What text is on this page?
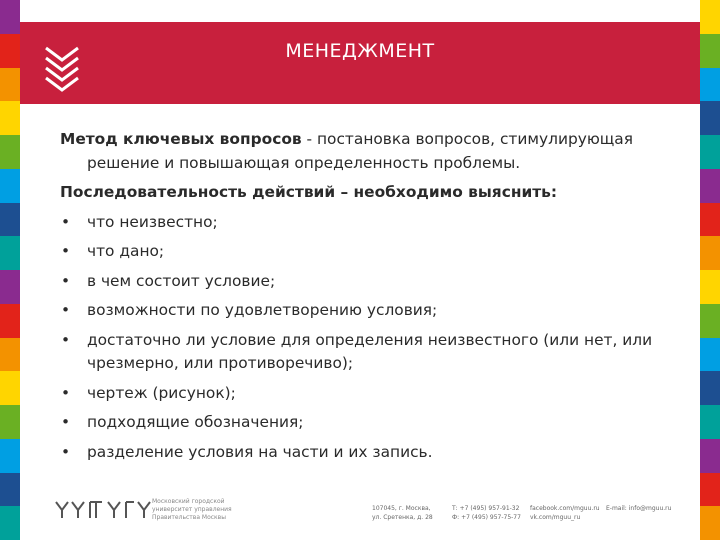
МЕНЕДЖМЕНТ

Метод ключевых вопросов - постановка вопросов, стимулирующая
решение и повышающая определенность проблемы.

Последовательность действий – необходимо выяснить:

• что неизвестно;
• что дано;
• в чем состоит условие;
• возможности по удовлетворению условия;
• достаточно ли условие для определения неизвестного (или нет, или чрезмерно, или противоречиво);
• чертеж (рисунок);
• подходящие обозначения;
• разделение условия на части и их запись.
Московский городской
университет управления
Правительства Москвы
107045, г. Москва,
ул. Сретенка, д. 28
Т: +7 (495) 957-91-32
Ф: +7 (495) 957-75-77
facebook.com/mguu.ru
vk.com/mguu_ru
E-mail: info@mguu.ru
